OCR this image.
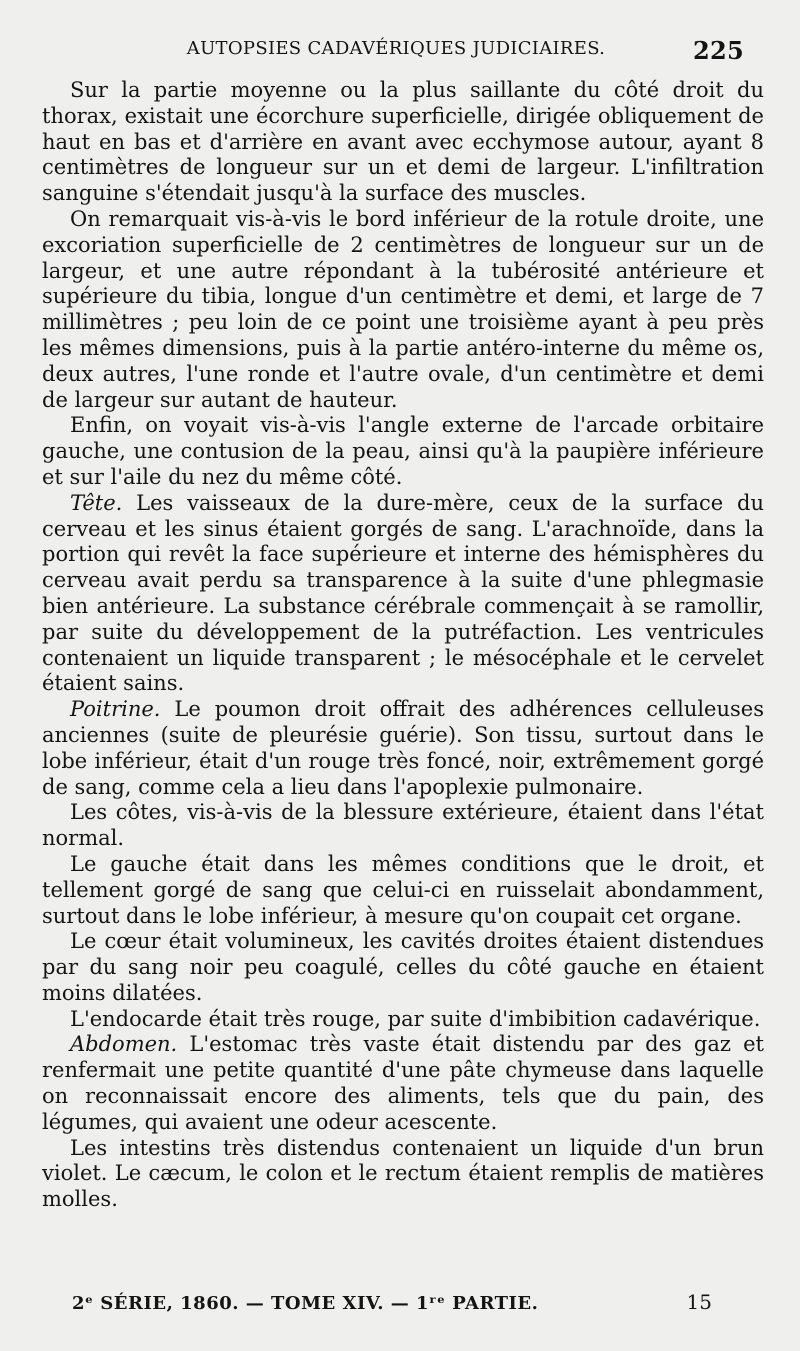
AUTOPSIES CADAVÉRIQUES JUDICIAIRES.	225

Sur la partie moyenne ou la plus saillante du côté droit du thorax, existait une écorchure superficielle, dirigée obliquement de haut en bas et d'arrière en avant avec ecchymose autour, ayant 8 centimètres de longueur sur un et demi de largeur. L'infiltration sanguine s'étendait jusqu'à la surface des muscles.

On remarquait vis-à-vis le bord inférieur de la rotule droite, une excoriation superficielle de 2 centimètres de longueur sur un de largeur, et une autre répondant à la tubérosité antérieure et supérieure du tibia, longue d'un centimètre et demi, et large de 7 millimètres ; peu loin de ce point une troisième ayant à peu près les mêmes dimensions, puis à la partie antéro-interne du même os, deux autres, l'une ronde et l'autre ovale, d'un centimètre et demi de largeur sur autant de hauteur.

Enfin, on voyait vis-à-vis l'angle externe de l'arcade orbitaire gauche, une contusion de la peau, ainsi qu'à la paupière inférieure et sur l'aile du nez du même côté.

Tête. Les vaisseaux de la dure-mère, ceux de la surface du cerveau et les sinus étaient gorgés de sang. L'arachnoïde, dans la portion qui revêt la face supérieure et interne des hémisphères du cerveau avait perdu sa transparence à la suite d'une phlegmasie bien antérieure. La substance cérébrale commençait à se ramollir, par suite du développement de la putréfaction. Les ventricules contenaient un liquide transparent ; le mésocéphale et le cervelet étaient sains.

Poitrine. Le poumon droit offrait des adhérences celluleuses anciennes (suite de pleurésie guérie). Son tissu, surtout dans le lobe inférieur, était d'un rouge très foncé, noir, extrêmement gorgé de sang, comme cela a lieu dans l'apoplexie pulmonaire.

Les côtes, vis-à-vis de la blessure extérieure, étaient dans l'état normal.

Le gauche était dans les mêmes conditions que le droit, et tellement gorgé de sang que celui-ci en ruisselait abondamment, surtout dans le lobe inférieur, à mesure qu'on coupait cet organe.

Le cœur était volumineux, les cavités droites étaient distendues par du sang noir peu coagulé, celles du côté gauche en étaient moins dilatées.

L'endocarde était très rouge, par suite d'imbibition cadavérique.

Abdomen. L'estomac très vaste était distendu par des gaz et renfermait une petite quantité d'une pâte chymeuse dans laquelle on reconnaissait encore des aliments, tels que du pain, des légumes, qui avaient une odeur acescente.

Les intestins très distendus contenaient un liquide d'un brun violet. Le cæcum, le colon et le rectum étaient remplis de matières molles.

2ᵉ SÉRIE, 1860. — TOME XIV. — 1ʳᵉ PARTIE.	15
